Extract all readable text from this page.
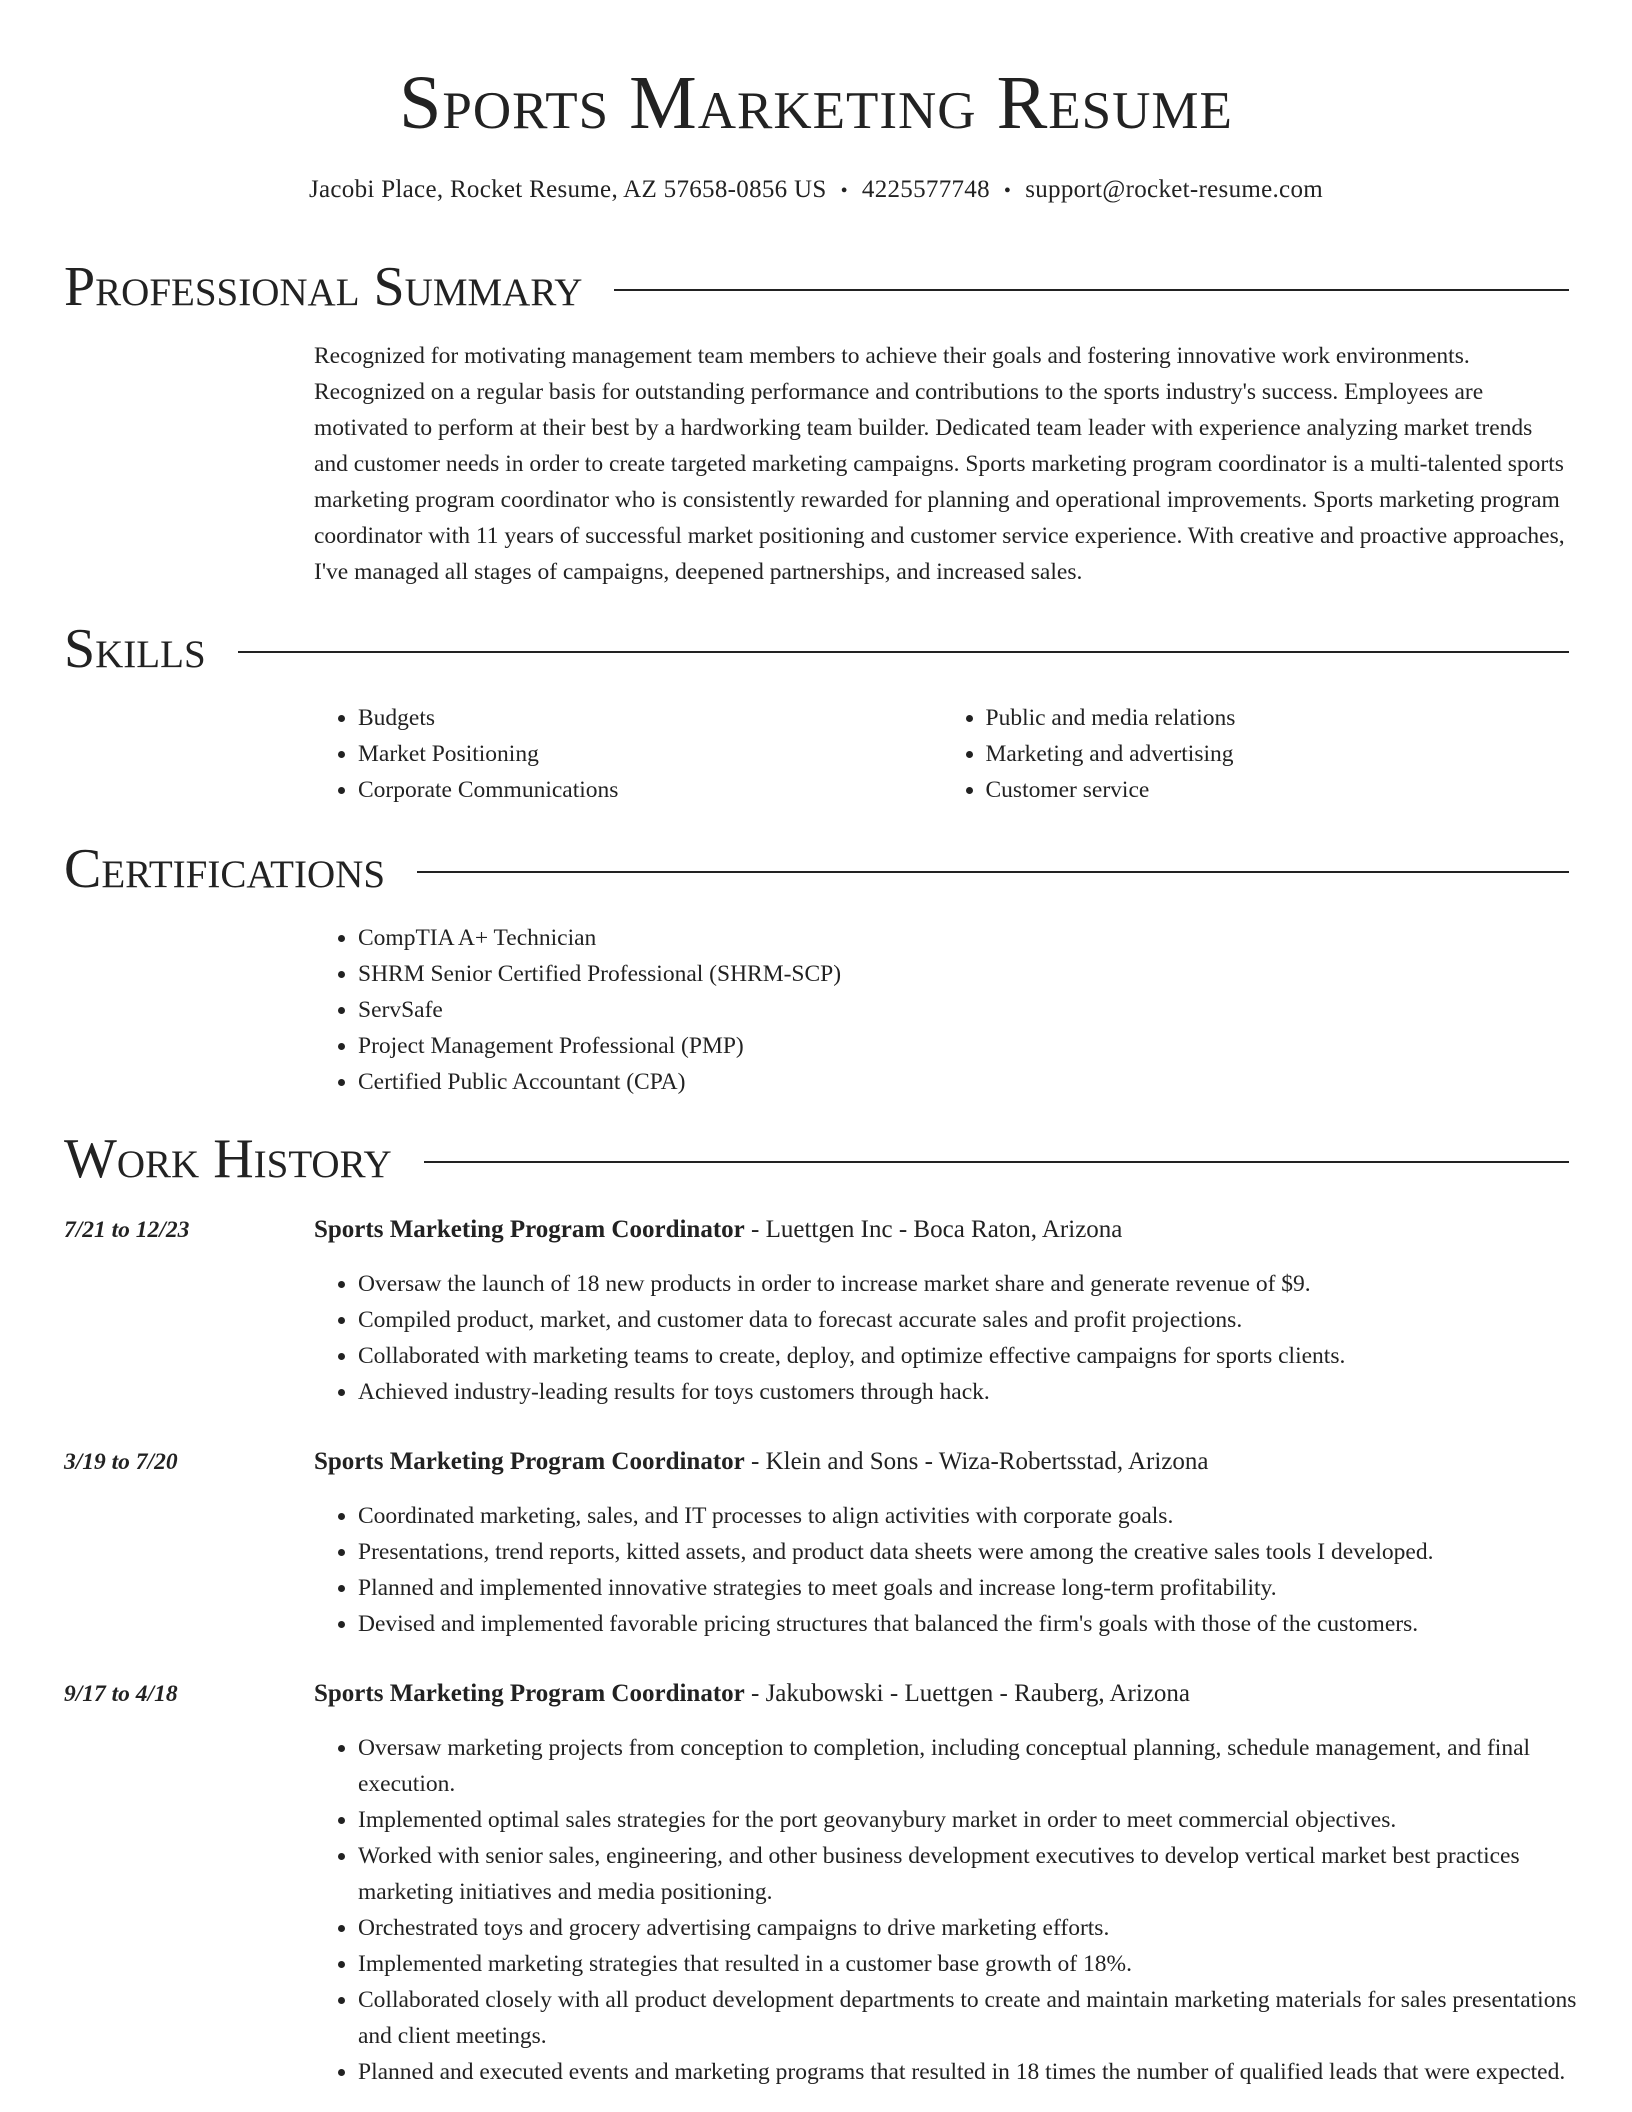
Sports Marketing Resume
Jacobi Place, Rocket Resume, AZ 57658-0856 US • 4225577748 • support@rocket-resume.com
Professional Summary

Recognized for motivating management team members to achieve their goals and fostering innovative work environments. Recognized on a regular basis for outstanding performance and contributions to the sports industry's success. Employees are motivated to perform at their best by a hardworking team builder. Dedicated team leader with experience analyzing market trends and customer needs in order to create targeted marketing campaigns. Sports marketing program coordinator is a multi-talented sports marketing program coordinator who is consistently rewarded for planning and operational improvements. Sports marketing program coordinator with 11 years of successful market positioning and customer service experience. With creative and proactive approaches, I've managed all stages of campaigns, deepened partnerships, and increased sales.

Skills
• Budgets
• Market Positioning
• Corporate Communications
• Public and media relations
• Marketing and advertising
• Customer service
Certifications
• CompTIA A+ Technician
• SHRM Senior Certified Professional (SHRM-SCP)
• ServSafe
• Project Management Professional (PMP)
• Certified Public Accountant (CPA)
Work History
7/21 to 12/23	Sports Marketing Program Coordinator - Luettgen Inc - Boca Raton, Arizona
• Oversaw the launch of 18 new products in order to increase market share and generate revenue of $9.
• Compiled product, market, and customer data to forecast accurate sales and profit projections.
• Collaborated with marketing teams to create, deploy, and optimize effective campaigns for sports clients.
• Achieved industry-leading results for toys customers through hack.
3/19 to 7/20	Sports Marketing Program Coordinator - Klein and Sons - Wiza-Robertsstad, Arizona
• Coordinated marketing, sales, and IT processes to align activities with corporate goals.
• Presentations, trend reports, kitted assets, and product data sheets were among the creative sales tools I developed.
• Planned and implemented innovative strategies to meet goals and increase long-term profitability.
• Devised and implemented favorable pricing structures that balanced the firm's goals with those of the customers.
9/17 to 4/18	Sports Marketing Program Coordinator - Jakubowski - Luettgen - Rauberg, Arizona
• Oversaw marketing projects from conception to completion, including conceptual planning, schedule management, and final execution.
• Implemented optimal sales strategies for the port geovanybury market in order to meet commercial objectives.
• Worked with senior sales, engineering, and other business development executives to develop vertical market best practices marketing initiatives and media positioning.
• Orchestrated toys and grocery advertising campaigns to drive marketing efforts.
• Implemented marketing strategies that resulted in a customer base growth of 18%.
• Collaborated closely with all product development departments to create and maintain marketing materials for sales presentations and client meetings.
• Planned and executed events and marketing programs that resulted in 18 times the number of qualified leads that were expected.
